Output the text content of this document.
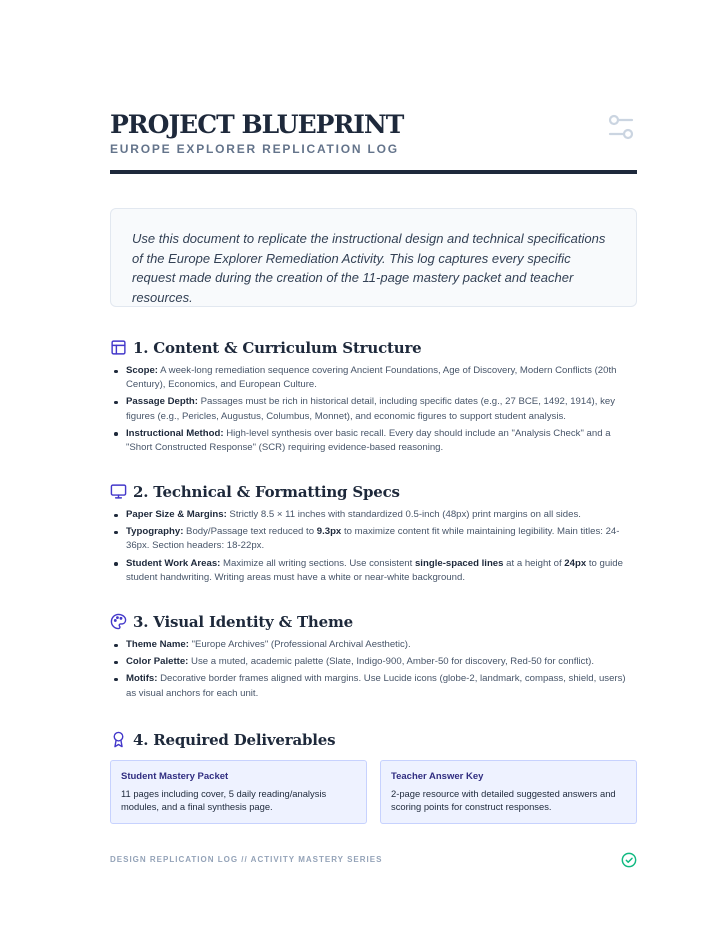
PROJECT BLUEPRINT
EUROPE EXPLORER REPLICATION LOG

Use this document to replicate the instructional design and technical specifications of the Europe Explorer Remediation Activity. This log captures every specific request made during the creation of the 11-page mastery packet and teacher resources.

1. Content & Curriculum Structure
Scope: A week-long remediation sequence covering Ancient Foundations, Age of Discovery, Modern Conflicts (20th Century), Economics, and European Culture.
Passage Depth: Passages must be rich in historical detail, including specific dates (e.g., 27 BCE, 1492, 1914), key figures (e.g., Pericles, Augustus, Columbus, Monnet), and economic figures to support student analysis.
Instructional Method: High-level synthesis over basic recall. Every day should include an "Analysis Check" and a "Short Constructed Response" (SCR) requiring evidence-based reasoning.
2. Technical & Formatting Specs
Paper Size & Margins: Strictly 8.5 × 11 inches with standardized 0.5-inch (48px) print margins on all sides.
Typography: Body/Passage text reduced to 9.3px to maximize content fit while maintaining legibility. Main titles: 24-36px. Section headers: 18-22px.
Student Work Areas: Maximize all writing sections. Use consistent single-spaced lines at a height of 24px to guide student handwriting. Writing areas must have a white or near-white background.
3. Visual Identity & Theme
Theme Name: "Europe Archives" (Professional Archival Aesthetic).
Color Palette: Use a muted, academic palette (Slate, Indigo-900, Amber-50 for discovery, Red-50 for conflict).
Motifs: Decorative border frames aligned with margins. Use Lucide icons (globe-2, landmark, compass, shield, users) as visual anchors for each unit.
4. Required Deliverables
Student Mastery Packet
11 pages including cover, 5 daily reading/analysis modules, and a final synthesis page.
Teacher Answer Key
2-page resource with detailed suggested answers and scoring points for construct responses.
DESIGN REPLICATION LOG // ACTIVITY MASTERY SERIES
